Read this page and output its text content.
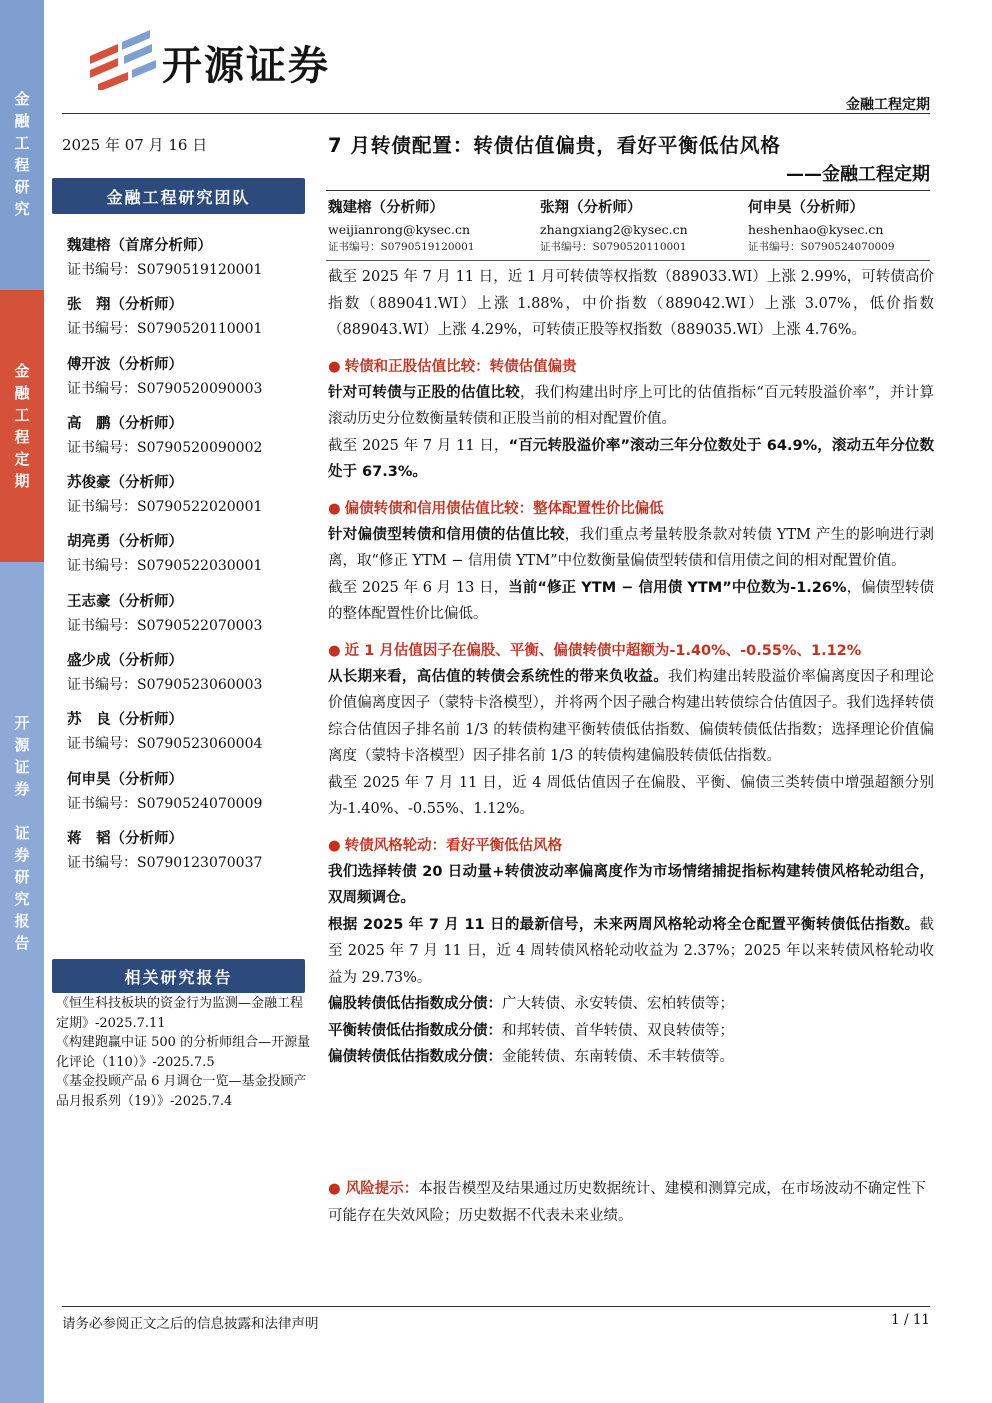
金
融
工
程
研
究
金
融
工
程
定
期
开
源
证
券

证
券
研
究
报
告
开源证券
金融工程定期
2025 年 07 月 16 日
金融工程研究团队
魏建榕（首席分析师）
证书编号：S0790519120001
张　翔（分析师）
证书编号：S0790520110001
傅开波（分析师）
证书编号：S0790520090003
高　鹏（分析师）
证书编号：S0790520090002
苏俊豪（分析师）
证书编号：S0790522020001
胡亮勇（分析师）
证书编号：S0790522030001
王志豪（分析师）
证书编号：S0790522070003
盛少成（分析师）
证书编号：S0790523060003
苏　良（分析师）
证书编号：S0790523060004
何申昊（分析师）
证书编号：S0790524070009
蒋　韬（分析师）
证书编号：S0790123070037
相关研究报告
《恒生科技板块的资金行为监测—金融工程定期》-2025.7.11
《构建跑赢中证 500 的分析师组合—开源量化评论（110）》-2025.7.5
《基金投顾产品 6 月调仓一览—基金投顾产品月报系列（19）》-2025.7.4
7 月转债配置：转债估值偏贵，看好平衡低估风格
——金融工程定期
魏建榕（分析师）
weijianrong@kysec.cn
证书编号：S0790519120001
张翔（分析师）
zhangxiang2@kysec.cn
证书编号：S0790520110001
何申昊（分析师）
heshenhao@kysec.cn
证书编号：S0790524070009

截至 2025 年 7 月 11 日，近 1 月可转债等权指数（889033.WI）上涨 2.99%，可转债高价指数（889041.WI）上涨 1.88%，中价指数（889042.WI）上涨 3.07%，低价指数（889043.WI）上涨 4.29%，可转债正股等权指数（889035.WI）上涨 4.76%。

● 转债和正股估值比较：转债估值偏贵

针对可转债与正股的估值比较，我们构建出时序上可比的估值指标“百元转股溢价率”，并计算滚动历史分位数衡量转债和正股当前的相对配置价值。

截至 2025 年 7 月 11 日，“百元转股溢价率”滚动三年分位数处于 64.9%，滚动五年分位数处于 67.3%。

● 偏债转债和信用债估值比较：整体配置性价比偏低

针对偏债型转债和信用债的估值比较，我们重点考量转股条款对转债 YTM 产生的影响进行剥离，取“修正 YTM − 信用债 YTM”中位数衡量偏债型转债和信用债之间的相对配置价值。

截至 2025 年 6 月 13 日，当前“修正 YTM − 信用债 YTM”中位数为-1.26%，偏债型转债的整体配置性价比偏低。

● 近 1 月估值因子在偏股、平衡、偏债转债中超额为-1.40%、-0.55%、1.12%

从长期来看，高估值的转债会系统性的带来负收益。我们构建出转股溢价率偏离度因子和理论价值偏离度因子（蒙特卡洛模型），并将两个因子融合构建出转债综合估值因子。我们选择转债综合估值因子排名前 1/3 的转债构建平衡转债低估指数、偏债转债低估指数；选择理论价值偏离度（蒙特卡洛模型）因子排名前 1/3 的转债构建偏股转债低估指数。

截至 2025 年 7 月 11 日，近 4 周低估值因子在偏股、平衡、偏债三类转债中增强超额分别为-1.40%、-0.55%、1.12%。

● 转债风格轮动：看好平衡低估风格

我们选择转债 20 日动量+转债波动率偏离度作为市场情绪捕捉指标构建转债风格轮动组合，双周频调仓。

根据 2025 年 7 月 11 日的最新信号，未来两周风格轮动将全仓配置平衡转债低估指数。截至 2025 年 7 月 11 日，近 4 周转债风格轮动收益为 2.37%；2025 年以来转债风格轮动收益为 29.73%。

偏股转债低估指数成分债：广大转债、永安转债、宏柏转债等；

平衡转债低估指数成分债：和邦转债、首华转债、双良转债等；

偏债转债低估指数成分债：金能转债、东南转债、禾丰转债等。

● 风险提示：本报告模型及结果通过历史数据统计、建模和测算完成，在市场波动不确定性下可能存在失效风险；历史数据不代表未来业绩。
请务必参阅正文之后的信息披露和法律声明	1 / 11
